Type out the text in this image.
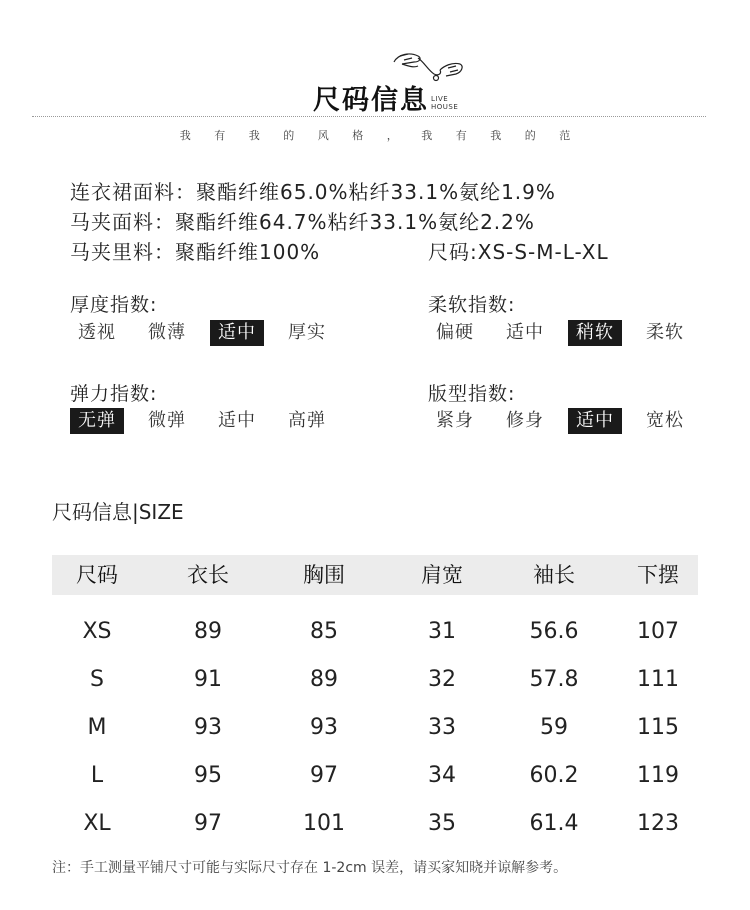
尺码信息 LIVE
HOUSE
我 有 我 的 风 格 ， 我 有 我 的 范
连衣裙面料：聚酯纤维65.0%粘纤33.1%氨纶1.9%
马夹面料：聚酯纤维64.7%粘纤33.1%氨纶2.2%
马夹里料：聚酯纤维100%	尺码:XS-S-M-L-XL
厚度指数:
透视	微薄	适中	厚实
柔软指数:
偏硬	适中	稍软	柔软
弹力指数:
无弹	微弹	适中	高弹
版型指数:
紧身	修身	适中	宽松
尺码信息|SIZE
尺码	衣长	胸围	肩宽	袖长	下摆
XS	89	85	31	56.6	107
S	91	89	32	57.8	111
M	93	93	33	59	115
L	95	97	34	60.2	119
XL	97	101	35	61.4	123
注：手工测量平铺尺寸可能与实际尺寸存在 1-2cm 误差，请买家知晓并谅解参考。
